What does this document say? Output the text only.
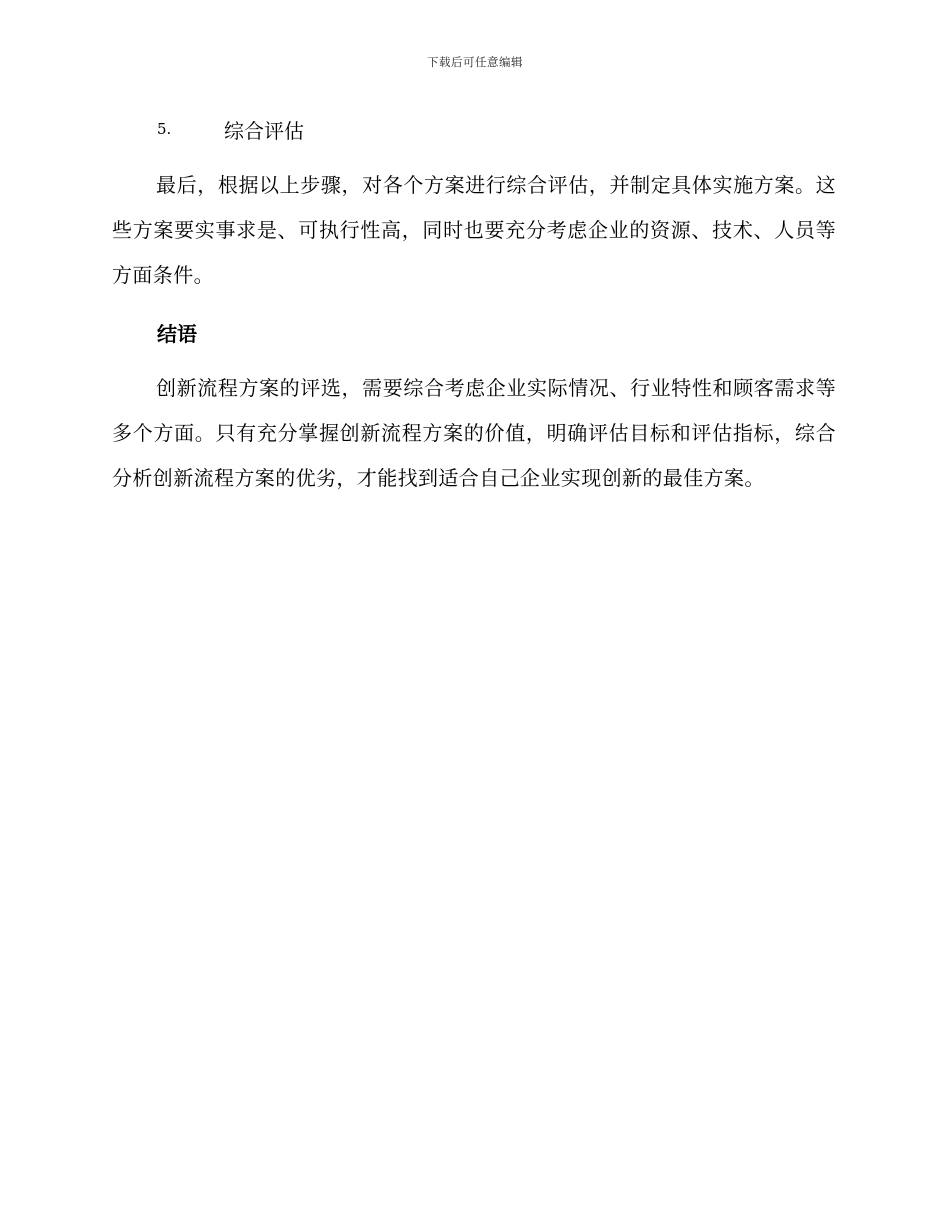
下载后可任意编辑
5.	综合评估

最后，根据以上步骤，对各个方案进行综合评估，并制定具体实施方案。这些方案要实事求是、可执行性高，同时也要充分考虑企业的资源、技术、人员等方面条件。

结语

创新流程方案的评选，需要综合考虑企业实际情况、行业特性和顾客需求等多个方面。只有充分掌握创新流程方案的价值，明确评估目标和评估指标，综合分析创新流程方案的优劣，才能找到适合自己企业实现创新的最佳方案。
